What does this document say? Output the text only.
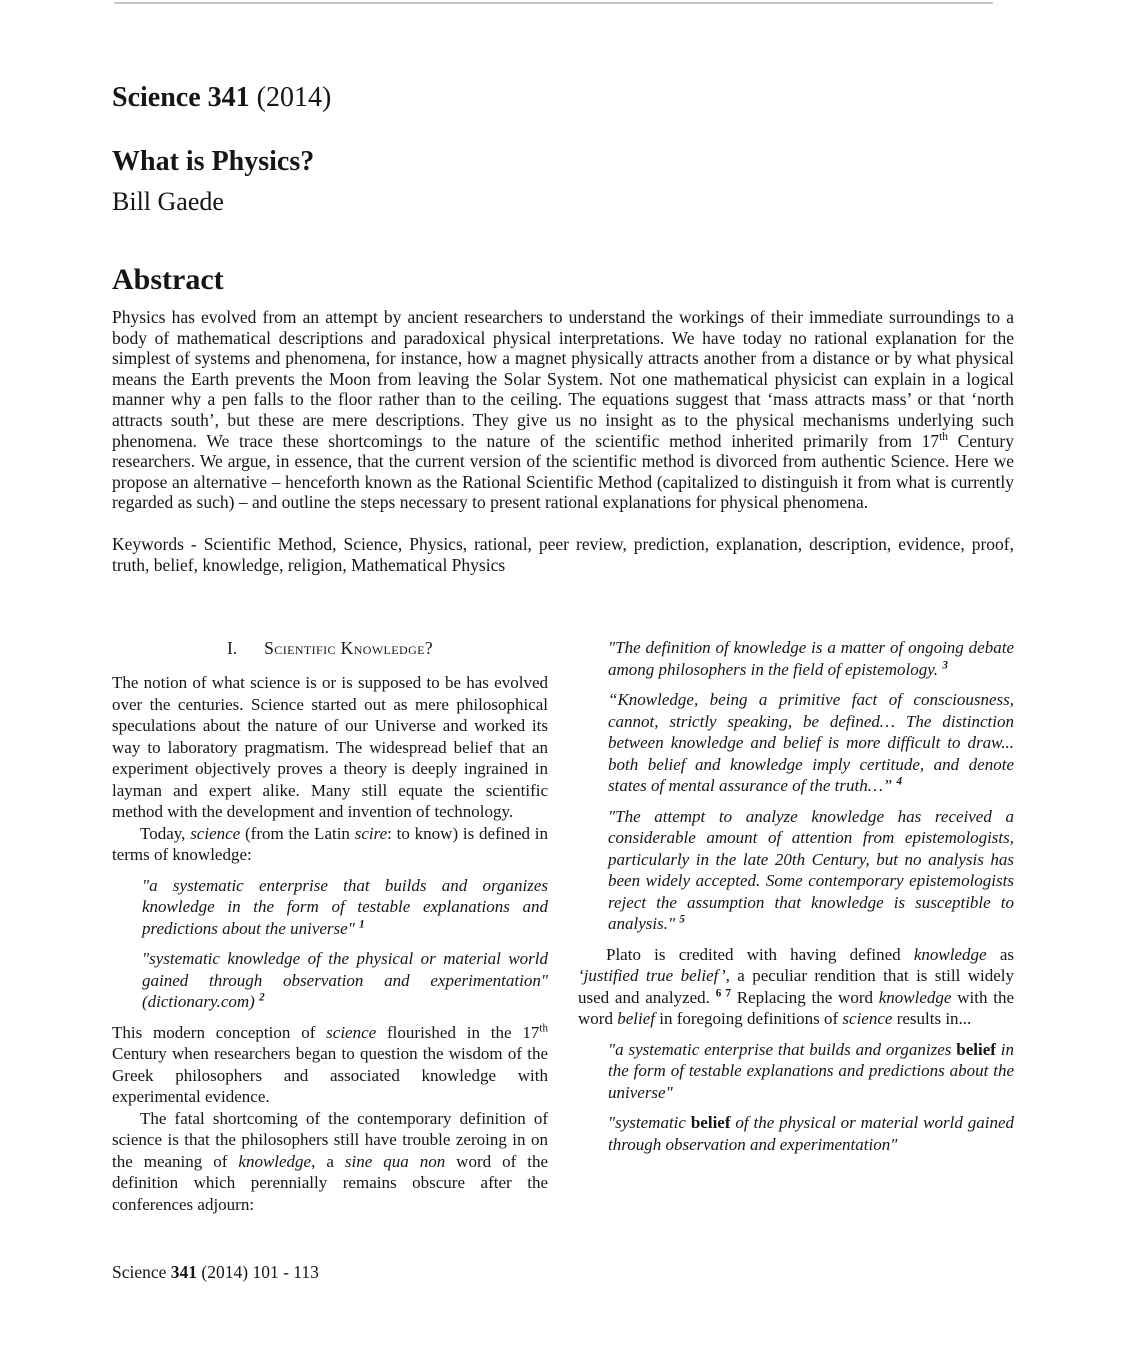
Science 341 (2014)
What is Physics?
Bill Gaede
Abstract

Physics has evolved from an attempt by ancient researchers to understand the workings of their immediate surroundings to a body of mathematical descriptions and paradoxical physical interpretations. We have today no rational explanation for the simplest of systems and phenomena, for instance, how a magnet physically attracts another from a distance or by what physical means the Earth prevents the Moon from leaving the Solar System. Not one mathematical physicist can explain in a logical manner why a pen falls to the floor rather than to the ceiling. The equations suggest that ‘mass attracts mass’ or that ‘north attracts south’, but these are mere descriptions. They give us no insight as to the physical mechanisms underlying such phenomena. We trace these shortcomings to the nature of the scientific method inherited primarily from 17th Century researchers. We argue, in essence, that the current version of the scientific method is divorced from authentic Science. Here we propose an alternative – henceforth known as the Rational Scientific Method (capitalized to distinguish it from what is currently regarded as such) – and outline the steps necessary to present rational explanations for physical phenomena.

Keywords - Scientific Method, Science, Physics, rational, peer review, prediction, explanation, description, evidence, proof, truth, belief, knowledge, religion, Mathematical Physics

I. Scientific Knowledge?

The notion of what science is or is supposed to be has evolved over the centuries. Science started out as mere philosophical speculations about the nature of our Universe and worked its way to laboratory pragmatism. The widespread belief that an experiment objectively proves a theory is deeply ingrained in layman and expert alike. Many still equate the scientific method with the development and invention of technology.

Today, science (from the Latin scire: to know) is defined in terms of knowledge:

"a systematic enterprise that builds and organizes knowledge in the form of testable explanations and predictions about the universe" $^1$
"systematic knowledge of the physical or material world gained through observation and experimentation" (dictionary.com) $^2$

This modern conception of science flourished in the 17th Century when researchers began to question the wisdom of the Greek philosophers and associated knowledge with experimental evidence.

The fatal shortcoming of the contemporary definition of science is that the philosophers still have trouble zeroing in on the meaning of knowledge, a sine qua non word of the definition which perennially remains obscure after the conferences adjourn:

"The definition of knowledge is a matter of ongoing debate among philosophers in the field of epistemology. $^3$
“Knowledge, being a primitive fact of consciousness, cannot, strictly speaking, be defined… The distinction between knowledge and belief is more difficult to draw... both belief and knowledge imply certitude, and denote states of mental assurance of the truth…” $^4$
"The attempt to analyze knowledge has received a considerable amount of attention from epistemologists, particularly in the late 20th Century, but no analysis has been widely accepted. Some contemporary epistemologists reject the assumption that knowledge is susceptible to analysis." $^5$

Plato is credited with having defined knowledge as ‘justified true belief’, a peculiar rendition that is still widely used and analyzed. $^{6 7}$ Replacing the word knowledge with the word belief in foregoing definitions of science results in...

"a systematic enterprise that builds and organizes belief in the form of testable explanations and predictions about the universe"
"systematic belief of the physical or material world gained through observation and experimentation"
Science 341 (2014) 101 - 113
